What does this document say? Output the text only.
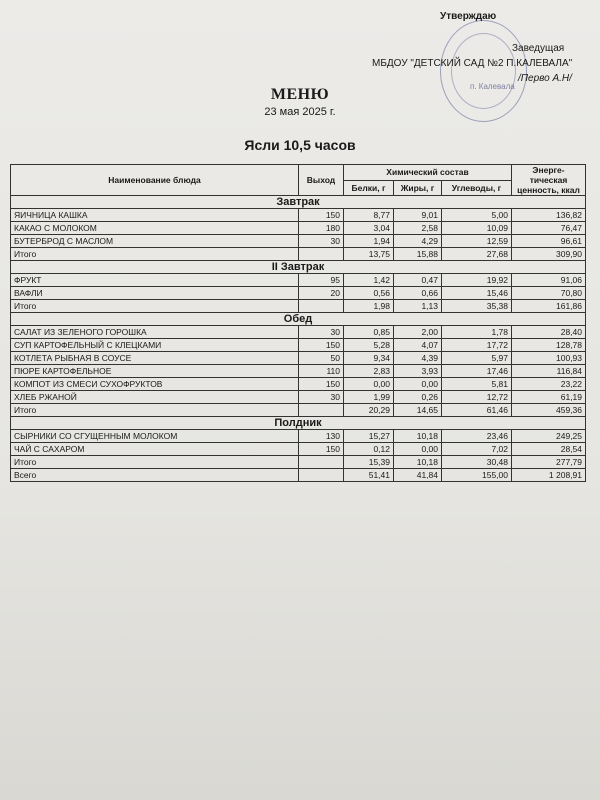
п. Калевала
Утверждаю
Заведущая
МБДОУ "ДЕТСКИЙ САД №2 П.КАЛЕВАЛА"
/Перво А.Н/
МЕНЮ
23 мая 2025 г.
Ясли 10,5 часов
Наименование блюда	Выход	Химический состав			Энерге-тическая ценность, ккал
		Белки, г	Жиры, г	Углеводы, г	
Завтрак					
ЯИЧНИЦА КАШКА	150	8,77	9,01	5,00	136,82
КАКАО С МОЛОКОМ	180	3,04	2,58	10,09	76,47
БУТЕРБРОД С МАСЛОМ	30	1,94	4,29	12,59	96,61
Итого		13,75	15,88	27,68	309,90
II Завтрак					
ФРУКТ	95	1,42	0,47	19,92	91,06
ВАФЛИ	20	0,56	0,66	15,46	70,80
Итого		1,98	1,13	35,38	161,86
Обед					
САЛАТ ИЗ ЗЕЛЕНОГО ГОРОШКА	30	0,85	2,00	1,78	28,40
СУП КАРТОФЕЛЬНЫЙ С КЛЕЦКАМИ	150	5,28	4,07	17,72	128,78
КОТЛЕТА РЫБНАЯ В СОУСЕ	50	9,34	4,39	5,97	100,93
ПЮРЕ КАРТОФЕЛЬНОЕ	110	2,83	3,93	17,46	116,84
КОМПОТ ИЗ СМЕСИ СУХОФРУКТОВ	150	0,00	0,00	5,81	23,22
ХЛЕБ РЖАНОЙ	30	1,99	0,26	12,72	61,19
Итого		20,29	14,65	61,46	459,36
Полдник					
СЫРНИКИ СО СГУЩЕННЫМ МОЛОКОМ	130	15,27	10,18	23,46	249,25
ЧАЙ С САХАРОМ	150	0,12	0,00	7,02	28,54
Итого		15,39	10,18	30,48	277,79
Всего		51,41	41,84	155,00	1 208,91
